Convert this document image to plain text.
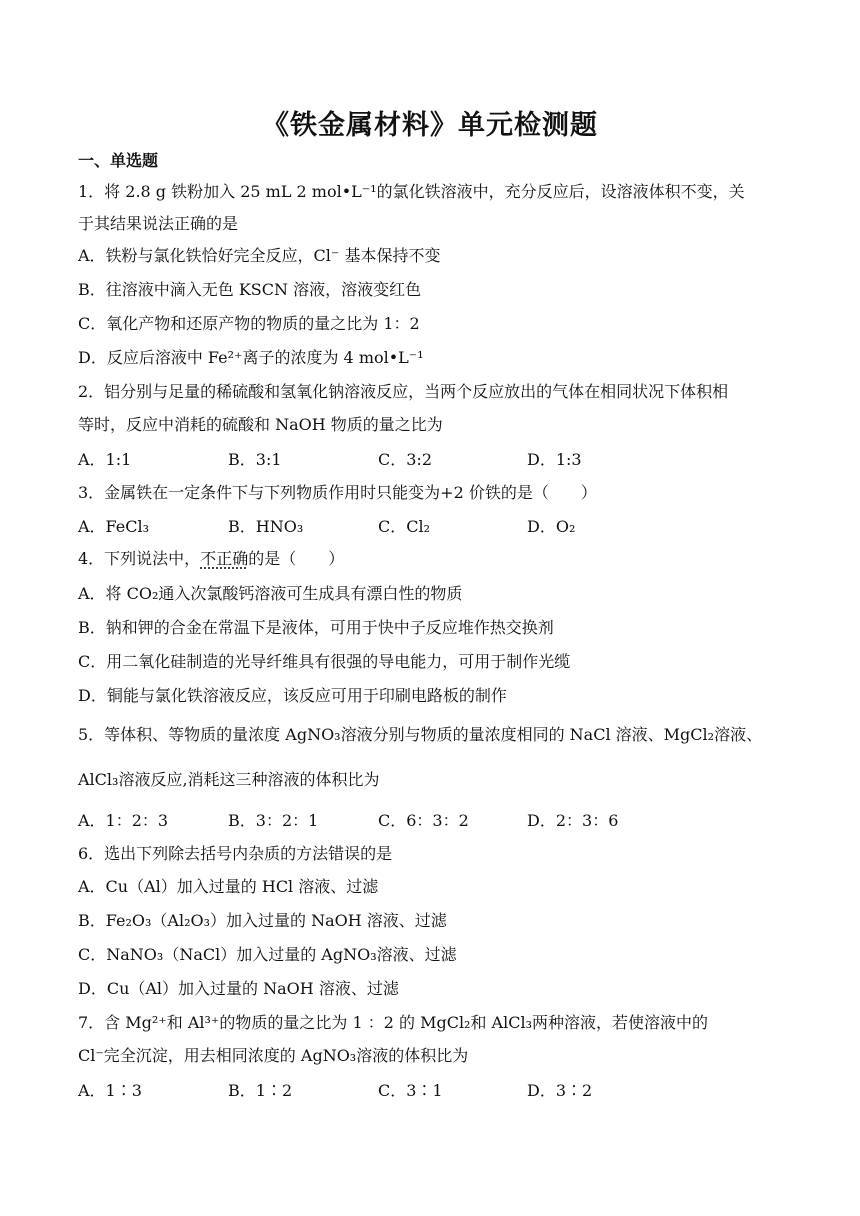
《铁金属材料》单元检测题
一、单选题
1．将 2.8 g 铁粉加入 25 mL 2 mol•L⁻¹的氯化铁溶液中，充分反应后，设溶液体积不变，关
于其结果说法正确的是
A．铁粉与氯化铁恰好完全反应，Cl⁻ 基本保持不变
B．往溶液中滴入无色 KSCN 溶液，溶液变红色
C．氧化产物和还原产物的物质的量之比为 1：2
D．反应后溶液中 Fe²⁺离子的浓度为 4 mol•L⁻¹
2．铝分别与足量的稀硫酸和氢氧化钠溶液反应，当两个反应放出的气体在相同状况下体积相
等时，反应中消耗的硫酸和 NaOH 物质的量之比为
A．1:1	B．3:1	C．3:2	D．1:3
3．金属铁在一定条件下与下列物质作用时只能变为+2 价铁的是（　　）
A．FeCl₃	B．HNO₃	C．Cl₂	D．O₂
4．下列说法中，不正确的是（　　）
A．将 CO₂通入次氯酸钙溶液可生成具有漂白性的物质
B．钠和钾的合金在常温下是液体，可用于快中子反应堆作热交换剂
C．用二氧化硅制造的光导纤维具有很强的导电能力，可用于制作光缆
D．铜能与氯化铁溶液反应，该反应可用于印刷电路板的制作
5．等体积、等物质的量浓度 AgNO₃溶液分别与物质的量浓度相同的 NaCl 溶液、MgCl₂溶液、
AlCl₃溶液反应,消耗这三种溶液的体积比为
A．1：2：3	B．3：2：1	C．6：3：2	D．2：3：6
6．选出下列除去括号内杂质的方法错误的是
A．Cu（Al）加入过量的 HCl 溶液、过滤
B．Fe₂O₃（Al₂O₃）加入过量的 NaOH 溶液、过滤
C．NaNO₃（NaCl）加入过量的 AgNO₃溶液、过滤
D．Cu（Al）加入过量的 NaOH 溶液、过滤
7．含 Mg²⁺和 Al³⁺的物质的量之比为 1 ：2 的 MgCl₂和 AlCl₃两种溶液，若使溶液中的
Cl⁻完全沉淀，用去相同浓度的 AgNO₃溶液的体积比为
A．1∶3	B．1∶2	C．3∶1	D．3∶2
